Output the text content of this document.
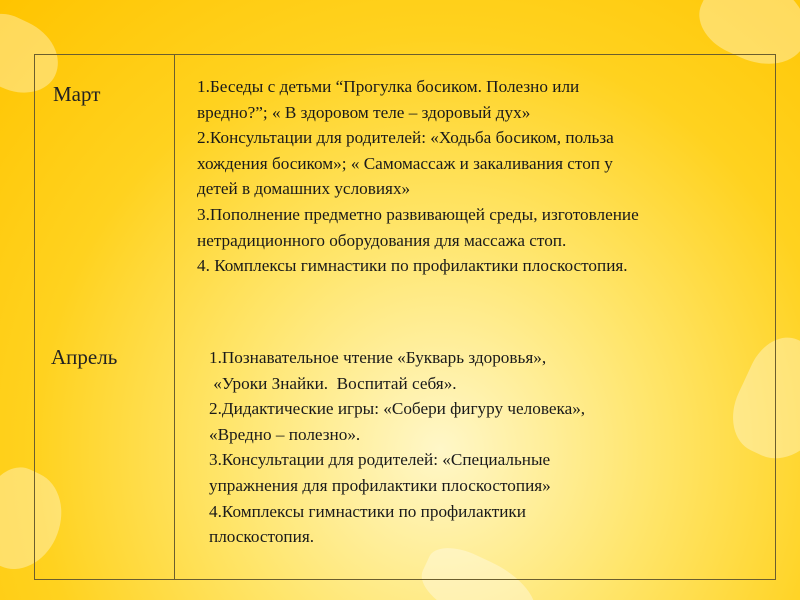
Март
Апрель
1.Беседы с детьми “Прогулка босиком. Полезно или
вредно?”; « В здоровом теле – здоровый дух»
2.Консультации для родителей: «Ходьба босиком, польза
хождения босиком»; « Самомассаж и закаливания стоп у
детей в домашних условиях»
3.Пополнение предметно развивающей среды, изготовление
нетрадиционного оборудования для массажа стоп.
4. Комплексы гимнастики по профилактики плоскостопия.
1.Познавательное чтение «Букварь здоровья»,
«Уроки Знайки.  Воспитай себя».
2.Дидактические игры: «Собери фигуру человека»,
«Вредно – полезно».
3.Консультации для родителей: «Специальные
упражнения для профилактики плоскостопия»
4.Комплексы гимнастики по профилактики
плоскостопия.
